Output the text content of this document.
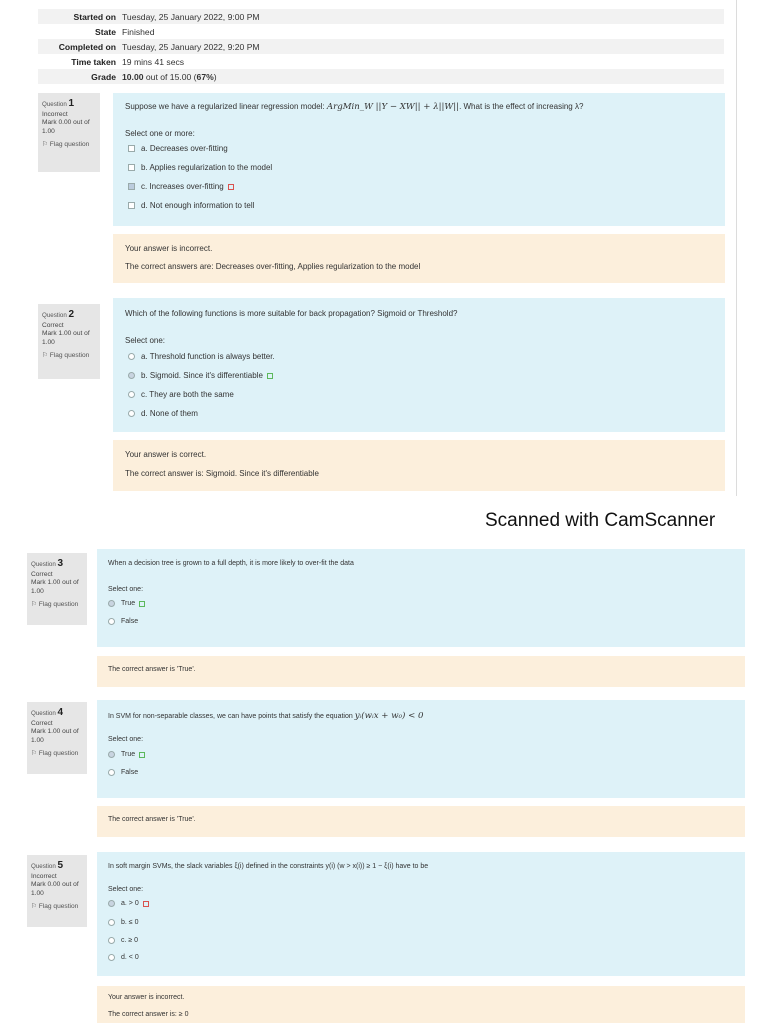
Started on Tuesday, 25 January 2022, 9:00 PM
State Finished
Completed on Tuesday, 25 January 2022, 9:20 PM
Time taken 19 mins 41 secs
Grade 10.00 out of 15.00 (67%)
Question 1
Incorrect
Mark 0.00 out of 1.00
⚐ Flag question
Suppose we have a regularized linear regression model: ArgMin_W ||Y − XW|| + λ||W||. What is the effect of increasing λ?
Select one or more:
a. Decreases over-fitting
b. Applies regularization to the model
c. Increases over-fitting
d. Not enough information to tell
Your answer is incorrect.
The correct answers are: Decreases over-fitting, Applies regularization to the model
Question 2
Correct
Mark 1.00 out of 1.00
⚐ Flag question
Which of the following functions is more suitable for back propagation? Sigmoid or Threshold?
Select one:
a. Threshold function is always better.
b. Sigmoid. Since it's differentiable
c. They are both the same
d. None of them
Your answer is correct.
The correct answer is: Sigmoid. Since it's differentiable
Scanned with CamScanner
Question 3
Correct
Mark 1.00 out of 1.00
⚐ Flag question
When a decision tree is grown to a full depth, it is more likely to over-fit the data
Select one:
True
False
The correct answer is 'True'.
Question 4
Correct
Mark 1.00 out of 1.00
⚐ Flag question
In SVM for non-separable classes, we can have points that satisfy the equation yᵢ(wᵢx + w₀) < 0
Select one:
True
False
The correct answer is 'True'.
Question 5
Incorrect
Mark 0.00 out of 1.00
⚐ Flag question
In soft margin SVMs, the slack variables ξ(i) defined in the constraints y(i) (w > x(i)) ≥ 1 − ξ(i) have to be
Select one:
a. > 0
b. ≤ 0
c. ≥ 0
d. < 0
Your answer is incorrect.
The correct answer is: ≥ 0
